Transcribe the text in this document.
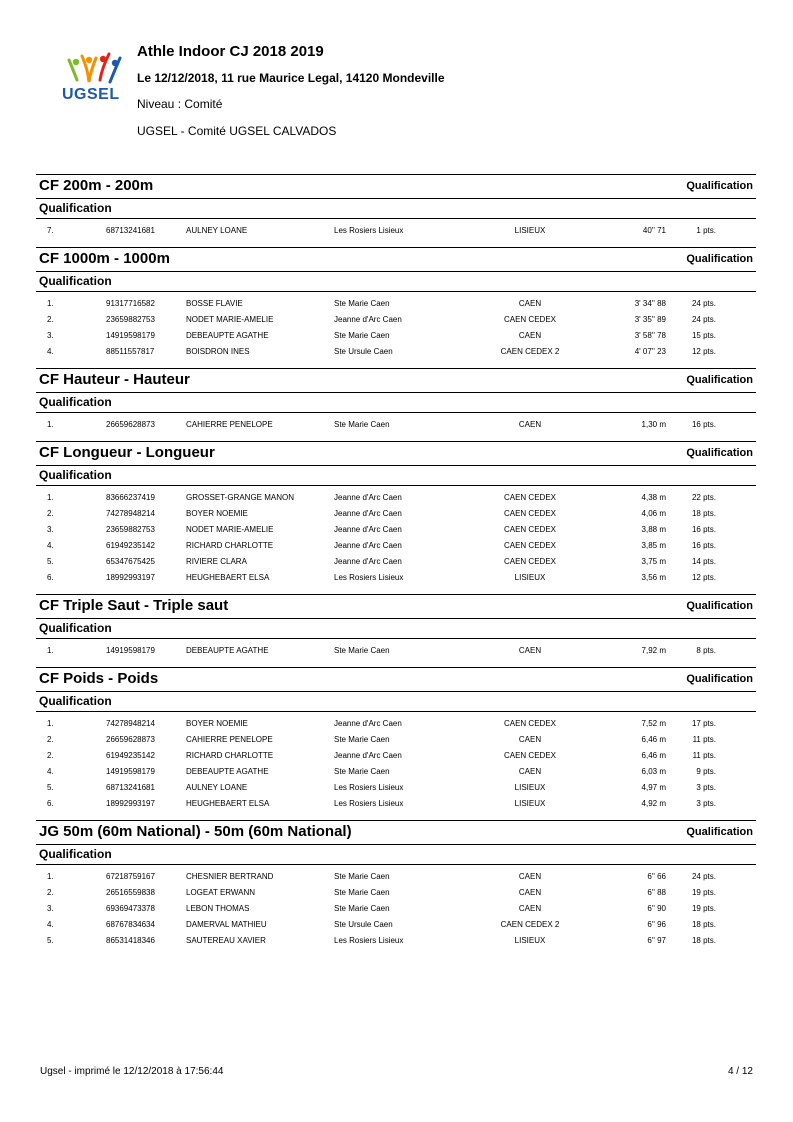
UGSEL
Athle Indoor CJ 2018 2019
Le 12/12/2018, 11 rue Maurice Legal, 14120 Mondeville
Niveau : Comité
UGSEL - Comité UGSEL CALVADOS
CF 200m - 200m	Qualification
Qualification
7.	68713241681	AULNEY LOANE	Les Rosiers Lisieux	LISIEUX	40'' 71	1 pts.
CF 1000m - 1000m	Qualification
Qualification
1.	91317716582	BOSSE FLAVIE	Ste Marie Caen	CAEN	3' 34'' 88	24 pts.
2.	23659882753	NODET MARIE-AMELIE	Jeanne d'Arc Caen	CAEN CEDEX	3' 35'' 89	24 pts.
3.	14919598179	DEBEAUPTE AGATHE	Ste Marie Caen	CAEN	3' 58'' 78	15 pts.
4.	88511557817	BOISDRON INES	Ste Ursule Caen	CAEN CEDEX 2	4' 07'' 23	12 pts.
CF Hauteur - Hauteur	Qualification
Qualification
1.	26659628873	CAHIERRE PENELOPE	Ste Marie Caen	CAEN	1,30 m	16 pts.
CF Longueur - Longueur	Qualification
Qualification
1.	83666237419	GROSSET-GRANGE MANON	Jeanne d'Arc Caen	CAEN CEDEX	4,38 m	22 pts.
2.	74278948214	BOYER NOEMIE	Jeanne d'Arc Caen	CAEN CEDEX	4,06 m	18 pts.
3.	23659882753	NODET MARIE-AMELIE	Jeanne d'Arc Caen	CAEN CEDEX	3,88 m	16 pts.
4.	61949235142	RICHARD CHARLOTTE	Jeanne d'Arc Caen	CAEN CEDEX	3,85 m	16 pts.
5.	65347675425	RIVIERE CLARA	Jeanne d'Arc Caen	CAEN CEDEX	3,75 m	14 pts.
6.	18992993197	HEUGHEBAERT ELSA	Les Rosiers Lisieux	LISIEUX	3,56 m	12 pts.
CF Triple Saut - Triple saut	Qualification
Qualification
1.	14919598179	DEBEAUPTE AGATHE	Ste Marie Caen	CAEN	7,92 m	8 pts.
CF Poids - Poids	Qualification
Qualification
1.	74278948214	BOYER NOEMIE	Jeanne d'Arc Caen	CAEN CEDEX	7,52 m	17 pts.
2.	26659628873	CAHIERRE PENELOPE	Ste Marie Caen	CAEN	6,46 m	11 pts.
2.	61949235142	RICHARD CHARLOTTE	Jeanne d'Arc Caen	CAEN CEDEX	6,46 m	11 pts.
4.	14919598179	DEBEAUPTE AGATHE	Ste Marie Caen	CAEN	6,03 m	9 pts.
5.	68713241681	AULNEY LOANE	Les Rosiers Lisieux	LISIEUX	4,97 m	3 pts.
6.	18992993197	HEUGHEBAERT ELSA	Les Rosiers Lisieux	LISIEUX	4,92 m	3 pts.
JG 50m (60m National) - 50m (60m National)	Qualification
Qualification
1.	67218759167	CHESNIER BERTRAND	Ste Marie Caen	CAEN	6'' 66	24 pts.
2.	26516559838	LOGEAT ERWANN	Ste Marie Caen	CAEN	6'' 88	19 pts.
3.	69369473378	LEBON THOMAS	Ste Marie Caen	CAEN	6'' 90	19 pts.
4.	68767834634	DAMERVAL MATHIEU	Ste Ursule Caen	CAEN CEDEX 2	6'' 96	18 pts.
5.	86531418346	SAUTEREAU XAVIER	Les Rosiers Lisieux	LISIEUX	6'' 97	18 pts.
Ugsel - imprimé le 12/12/2018 à 17:56:44	4 / 12
